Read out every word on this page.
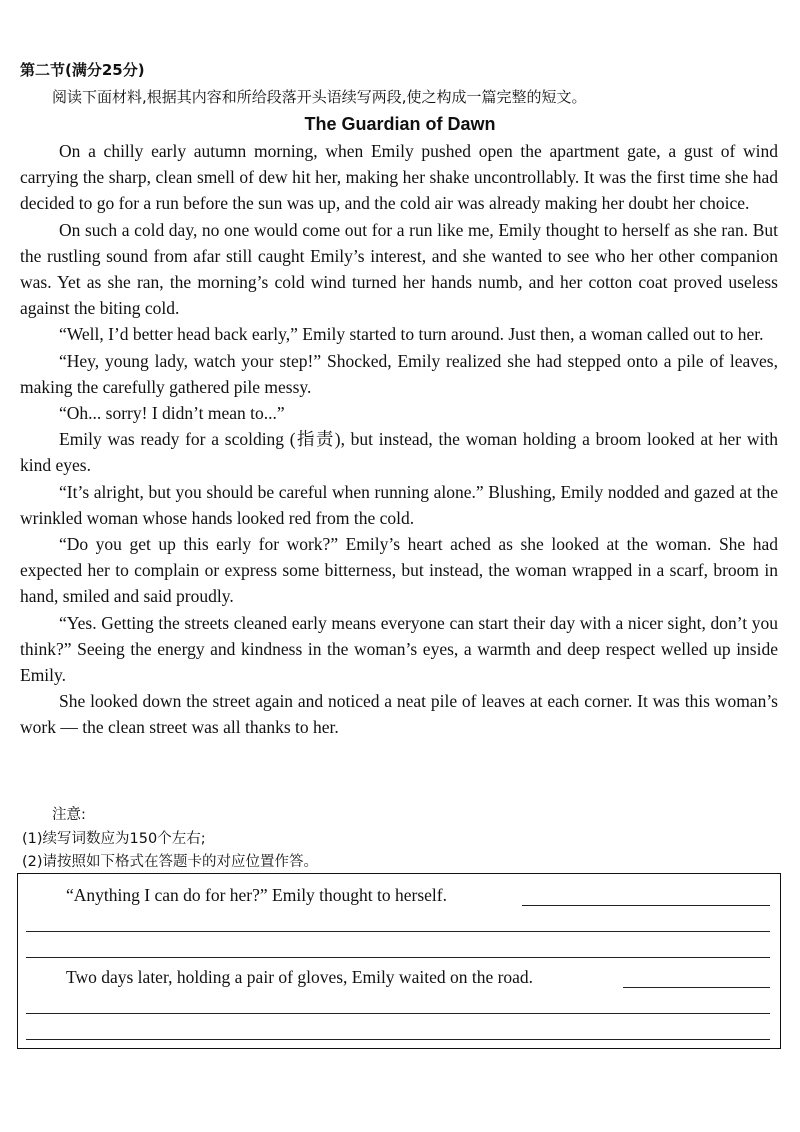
第二节(满分25分)
阅读下面材料,根据其内容和所给段落开头语续写两段,使之构成一篇完整的短文。
The Guardian of Dawn

On a chilly early autumn morning, when Emily pushed open the apartment gate, a gust of wind carrying the sharp, clean smell of dew hit her, making her shake uncontrollably. It was the first time she had decided to go for a run before the sun was up, and the cold air was already making her doubt her choice.

On such a cold day, no one would come out for a run like me, Emily thought to herself as she ran. But the rustling sound from afar still caught Emily’s interest, and she wanted to see who her other companion was. Yet as she ran, the morning’s cold wind turned her hands numb, and her cotton coat proved useless against the biting cold.

“Well, I’d better head back early,” Emily started to turn around. Just then, a woman called out to her.

“Hey, young lady, watch your step!” Shocked, Emily realized she had stepped onto a pile of leaves, making the carefully gathered pile messy.

“Oh... sorry! I didn’t mean to...”

Emily was ready for a scolding (指责), but instead, the woman holding a broom looked at her with kind eyes.

“It’s alright, but you should be careful when running alone.” Blushing, Emily nodded and gazed at the wrinkled woman whose hands looked red from the cold.

“Do you get up this early for work?” Emily’s heart ached as she looked at the woman. She had expected her to complain or express some bitterness, but instead, the woman wrapped in a scarf, broom in hand, smiled and said proudly.

“Yes. Getting the streets cleaned early means everyone can start their day with a nicer sight, don’t you think?” Seeing the energy and kindness in the woman’s eyes, a warmth and deep respect welled up inside Emily.

She looked down the street again and noticed a neat pile of leaves at each corner. It was this woman’s work — the clean street was all thanks to her.

注意:
(1)续写词数应为150个左右;
(2)请按照如下格式在答题卡的对应位置作答。
“Anything I can do for her?” Emily thought to herself.
Two days later, holding a pair of gloves, Emily waited on the road.
